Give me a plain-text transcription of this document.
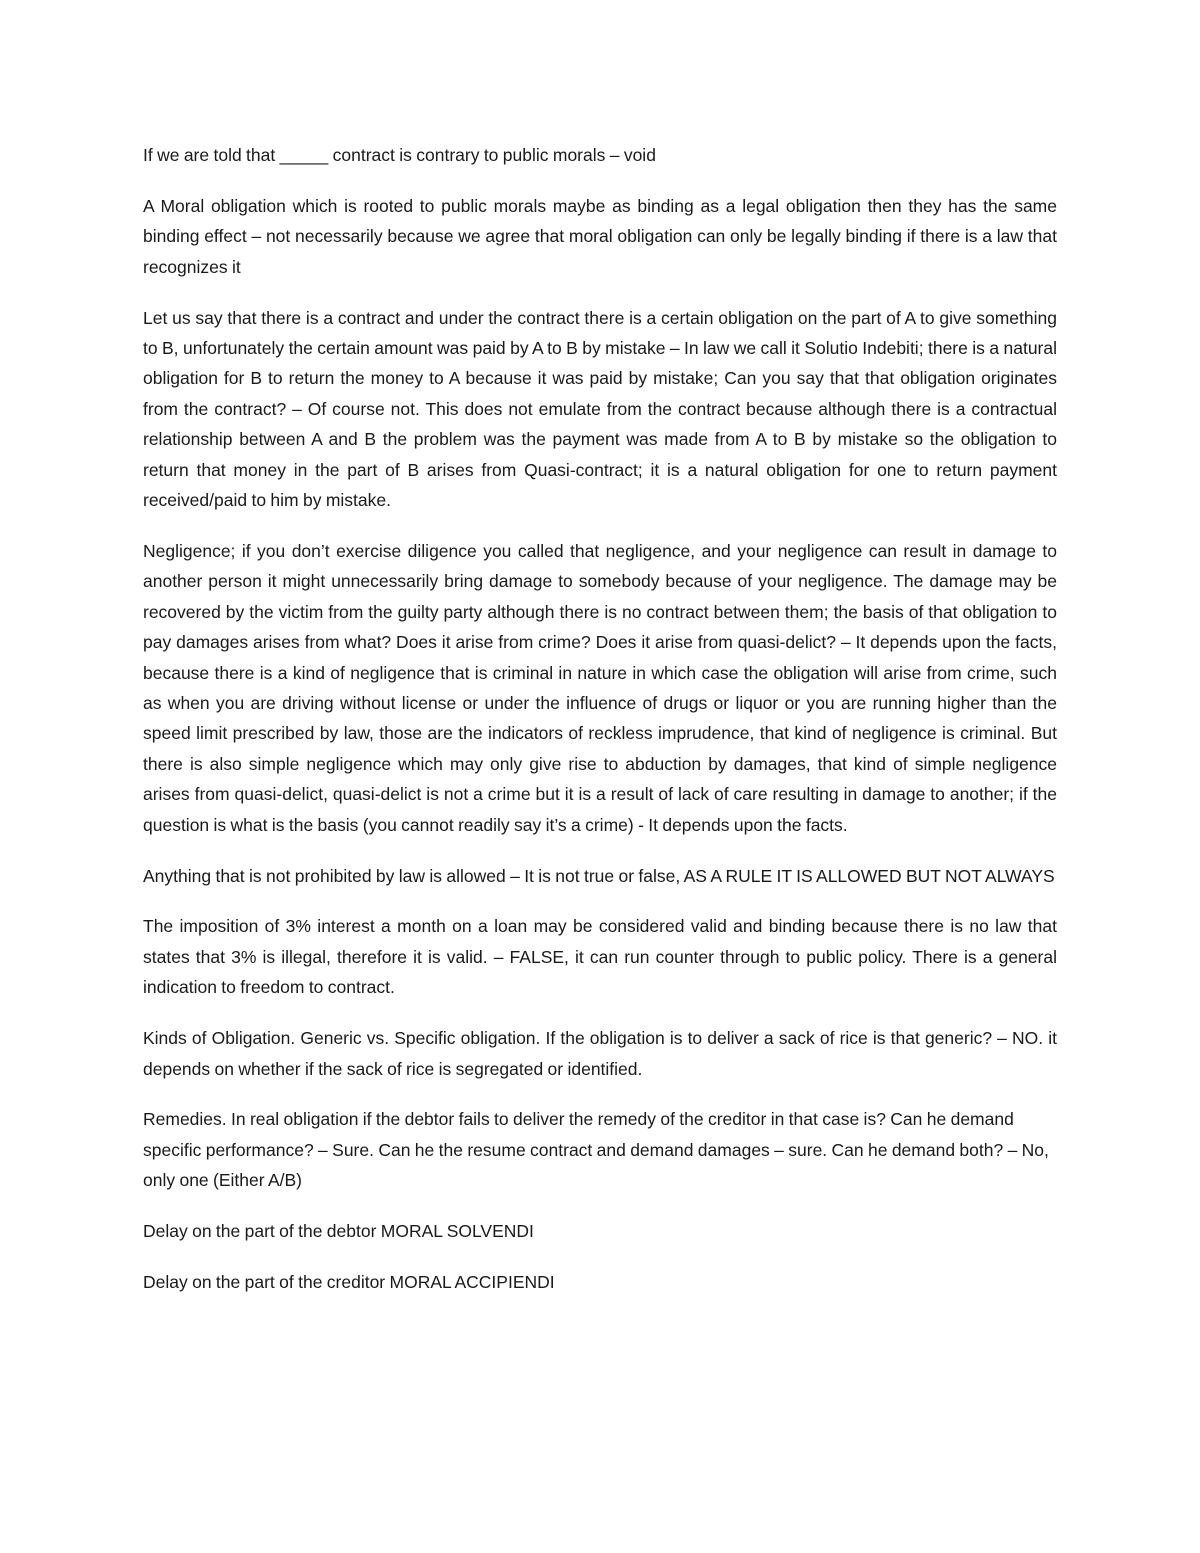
If we are told that _____ contract is contrary to public morals – void

A Moral obligation which is rooted to public morals maybe as binding as a legal obligation then they has the same binding effect – not necessarily because we agree that moral obligation can only be legally binding if there is a law that recognizes it

Let us say that there is a contract and under the contract there is a certain obligation on the part of A to give something to B, unfortunately the certain amount was paid by A to B by mistake – In law we call it Solutio Indebiti; there is a natural obligation for B to return the money to A because it was paid by mistake; Can you say that that obligation originates from the contract? – Of course not. This does not emulate from the contract because although there is a contractual relationship between A and B the problem was the payment was made from A to B by mistake so the obligation to return that money in the part of B arises from Quasi-contract; it is a natural obligation for one to return payment received/paid to him by mistake.

Negligence; if you don’t exercise diligence you called that negligence, and your negligence can result in damage to another person it might unnecessarily bring damage to somebody because of your negligence. The damage may be recovered by the victim from the guilty party although there is no contract between them; the basis of that obligation to pay damages arises from what? Does it arise from crime? Does it arise from quasi-delict? – It depends upon the facts, because there is a kind of negligence that is criminal in nature in which case the obligation will arise from crime, such as when you are driving without license or under the influence of drugs or liquor or you are running higher than the speed limit prescribed by law, those are the indicators of reckless imprudence, that kind of negligence is criminal. But there is also simple negligence which may only give rise to abduction by damages, that kind of simple negligence arises from quasi-delict, quasi-delict is not a crime but it is a result of lack of care resulting in damage to another; if the question is what is the basis (you cannot readily say it’s a crime) - It depends upon the facts.

Anything that is not prohibited by law is allowed – It is not true or false, AS A RULE IT IS ALLOWED BUT NOT ALWAYS

The imposition of 3% interest a month on a loan may be considered valid and binding because there is no law that states that 3% is illegal, therefore it is valid. – FALSE, it can run counter through to public policy. There is a general indication to freedom to contract.

Kinds of Obligation. Generic vs. Specific obligation. If the obligation is to deliver a sack of rice is that generic? – NO. it depends on whether if the sack of rice is segregated or identified.

Remedies. In real obligation if the debtor fails to deliver the remedy of the creditor in that case is? Can he demand specific performance? – Sure. Can he the resume contract and demand damages – sure. Can he demand both? – No, only one (Either A/B)

Delay on the part of the debtor MORAL SOLVENDI

Delay on the part of the creditor MORAL ACCIPIENDI
